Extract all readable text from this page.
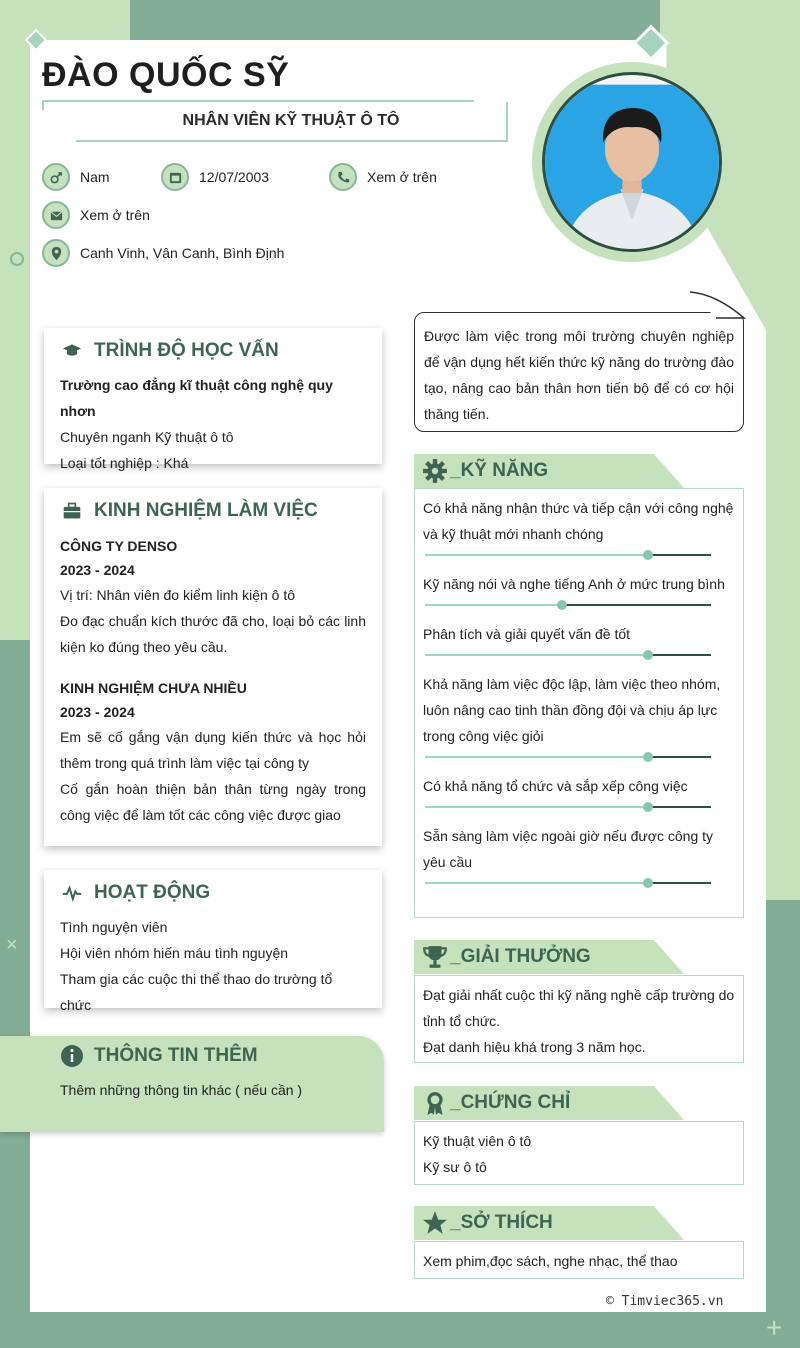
ĐÀO QUỐC SỸ
NHÂN VIÊN KỸ THUẬT Ô TÔ
Nam	12/07/2003	Xem ở trên
Xem ở trên
Canh Vinh, Vân Canh, Bình Định
TRÌNH ĐỘ HỌC VẤN

Trường cao đẳng kĩ thuật công nghệ quy nhơn

Chuyên nganh Kỹ thuật ô tô

Loại tốt nghiệp : Khá

KINH NGHIỆM LÀM VIỆC

CÔNG TY DENSO

2023 - 2024

Vị trí: Nhân viên đo kiểm linh kiện ô tô

Đo đạc chuẩn kích thước đã cho, loại bỏ các linh kiện ko đúng theo yêu cầu.

KINH NGHIỆM CHƯA NHIỀU

2023 - 2024

Em sẽ cố gắng vận dụng kiến thức và học hỏi thêm trong quá trình làm việc tại công ty

Cố gắn hoàn thiện bản thân từng ngày trong công việc để làm tốt các công việc được giao

HOẠT ĐỘNG

Tình nguyện viên

Hội viên nhóm hiến máu tình nguyện

Tham gia các cuộc thi thể thao do trường tổ chức

THÔNG TIN THÊM
Thêm những thông tin khác ( nếu cần )
Được làm việc trong môi trường chuyên nghiệp để vận dụng hết kiến thức kỹ năng do trường đào tạo, nâng cao bản thân hơn tiến bộ để có cơ hội thăng tiến.
_KỸ NĂNG
Có khả năng nhận thức và tiếp cận với công nghệ và kỹ thuật mới nhanh chóng
Kỹ năng nói và nghe tiếng Anh ở mức trung bình
Phân tích và giải quyết vấn đề tốt
Khả năng làm việc độc lập, làm việc theo nhóm, luôn nâng cao tinh thần đồng đội và chịu áp lực trong công việc giỏi
Có khả năng tổ chức và sắp xếp công việc
Sẵn sàng làm việc ngoài giờ nếu được công ty yêu cầu
_GIẢI THƯỞNG
Đạt giải nhất cuộc thi kỹ năng nghề cấp trường do tỉnh tổ chức.
Đạt danh hiệu khá trong 3 năm học.
_CHỨNG CHỈ
Kỹ thuật viên ô tô
Kỹ sư ô tô
_SỞ THÍCH
Xem phim,đọc sách, nghe nhạc, thể thao
© Timviec365.vn
+
×
